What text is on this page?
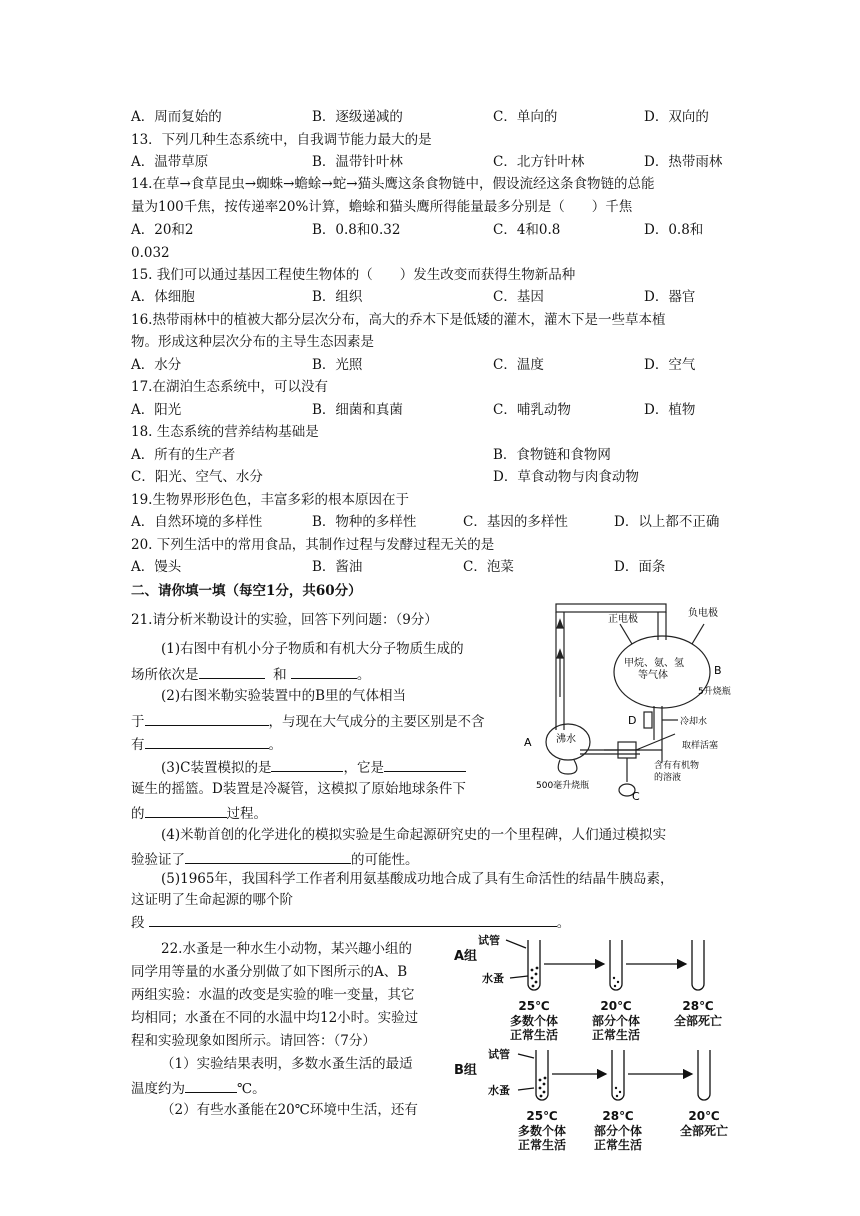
A．周而复始的	B．逐级递减的	C．单向的	D．双向的
13．下列几种生态系统中，自我调节能力最大的是
A．温带草原	B．温带针叶林	C．北方针叶林	D．热带雨林
14.在草→食草昆虫→蜘蛛→蟾蜍→蛇→猫头鹰这条食物链中，假设流经这条食物链的总能
量为100千焦，按传递率20%计算，蟾蜍和猫头鹰所得能量最多分别是（　　）千焦
A．20和2	B．0.8和0.32	C．4和0.8	D．0.8和
0.032
15. 我们可以通过基因工程使生物体的（　　）发生改变而获得生物新品种
A．体细胞	B．组织	C．基因	D．器官
16.热带雨林中的植被大都分层次分布，高大的乔木下是低矮的灌木，灌木下是一些草本植
物。形成这种层次分布的主导生态因素是
A．水分	B．光照	C．温度	D．空气
17.在湖泊生态系统中，可以没有
A．阳光	B．细菌和真菌	C．哺乳动物	D．植物
18. 生态系统的营养结构基础是
A．所有的生产者	B．食物链和食物网
C．阳光、空气、水分	D．草食动物与肉食动物
19.生物界形形色色，丰富多彩的根本原因在于
A．自然环境的多样性	B．物种的多样性	C．基因的多样性	D．以上都不正确
20. 下列生活中的常用食品，其制作过程与发酵过程无关的是
A．馒头	B．酱油	C．泡菜	D．面条
二、请你填一填（每空1分，共60分）
21.请分析米勒设计的实验，回答下列问题：（9分）
(1)右图中有机小分子物质和有机大分子物质生成的
场所依次是	和	。
(2)右图米勒实验装置中的B里的气体相当
于	，与现在大气成分的主要区别是不含
有	。
(3)C装置模拟的是	，它是
诞生的摇篮。D装置是冷凝管，这模拟了原始地球条件下
的	过程。
(4)米勒首创的化学进化的模拟实验是生命起源研究史的一个里程碑，人们通过模拟实
验验证了	的可能性。
(5)1965年，我国科学工作者利用氨基酸成功地合成了具有生命活性的结晶牛胰岛素，
这证明了生命起源的哪个阶
段	。
正电极
负电极
甲烷、氨、氢
等气体	B
5升烧瓶
冷却水
D
沸水
A	取样活塞
含有有机物
的溶液
C
500毫升烧瓶
22.水蚤是一种水生小动物，某兴趣小组的
同学用等量的水蚤分别做了如下图所示的A、B
两组实验：水温的改变是实验的唯一变量，其它
均相同；水蚤在不同的水温中均12小时。实验过
程和实验现象如图所示。请回答：（7分）
（1）实验结果表明，多数水蚤生活的最适
温度约为	℃。
（2）有些水蚤能在20℃环境中生活，还有
A组
试管
水蚤
B组
试管
水蚤
25℃
多数个体
正常生活
20℃
部分个体
正常生活
28℃
全部死亡
25℃
多数个体
正常生活
28℃
部分个体
正常生活
20℃
全部死亡
